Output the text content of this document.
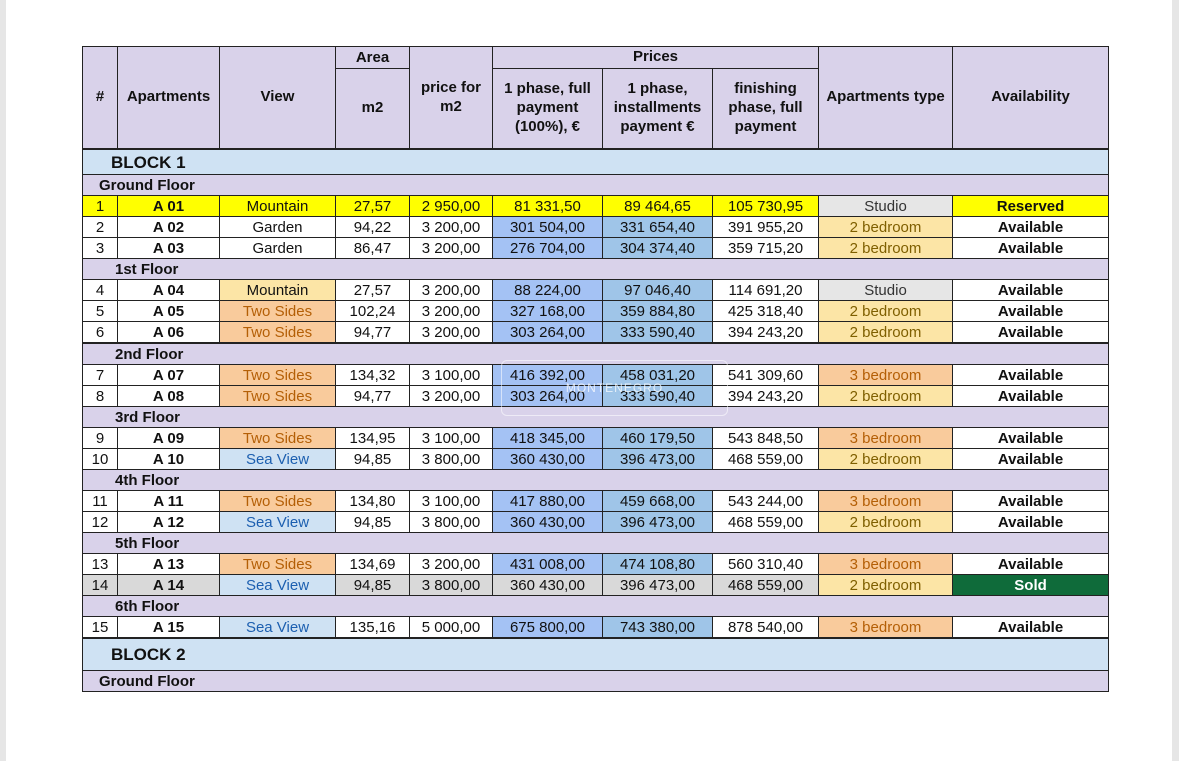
#	Apartments	View	Area	price for m2	Prices			Apartments type	Availability
					1 phase, full payment (100%), €	1 phase, installments payment €	finishing phase, full payment		
			m2						
BLOCK 1									
Ground Floor									
1	A 01	Mountain	27,57	2 950,00	81 331,50	89 464,65	105 730,95	Studio	Reserved
2	A 02	Garden	94,22	3 200,00	301 504,00	331 654,40	391 955,20	2 bedroom	Available
3	A 03	Garden	86,47	3 200,00	276 704,00	304 374,40	359 715,20	2 bedroom	Available
1st Floor									
4	A 04	Mountain	27,57	3 200,00	88 224,00	97 046,40	114 691,20	Studio	Available
5	A 05	Two Sides	102,24	3 200,00	327 168,00	359 884,80	425 318,40	2 bedroom	Available
6	A 06	Two Sides	94,77	3 200,00	303 264,00	333 590,40	394 243,20	2 bedroom	Available
2nd Floor									
7	A 07	Two Sides	134,32	3 100,00	416 392,00	458 031,20	541 309,60	3 bedroom	Available
8	A 08	Two Sides	94,77	3 200,00	303 264,00	333 590,40	394 243,20	2 bedroom	Available
3rd Floor									
9	A 09	Two Sides	134,95	3 100,00	418 345,00	460 179,50	543 848,50	3 bedroom	Available
10	A 10	Sea View	94,85	3 800,00	360 430,00	396 473,00	468 559,00	2 bedroom	Available
4th Floor									
11	A 11	Two Sides	134,80	3 100,00	417 880,00	459 668,00	543 244,00	3 bedroom	Available
12	A 12	Sea View	94,85	3 800,00	360 430,00	396 473,00	468 559,00	2 bedroom	Available
5th Floor									
13	A 13	Two Sides	134,69	3 200,00	431 008,00	474 108,80	560 310,40	3 bedroom	Available
14	A 14	Sea View	94,85	3 800,00	360 430,00	396 473,00	468 559,00	2 bedroom	Sold
6th Floor									
15	A 15	Sea View	135,16	5 000,00	675 800,00	743 380,00	878 540,00	3 bedroom	Available
BLOCK 2									
Ground Floor									
MONTENEGRO
